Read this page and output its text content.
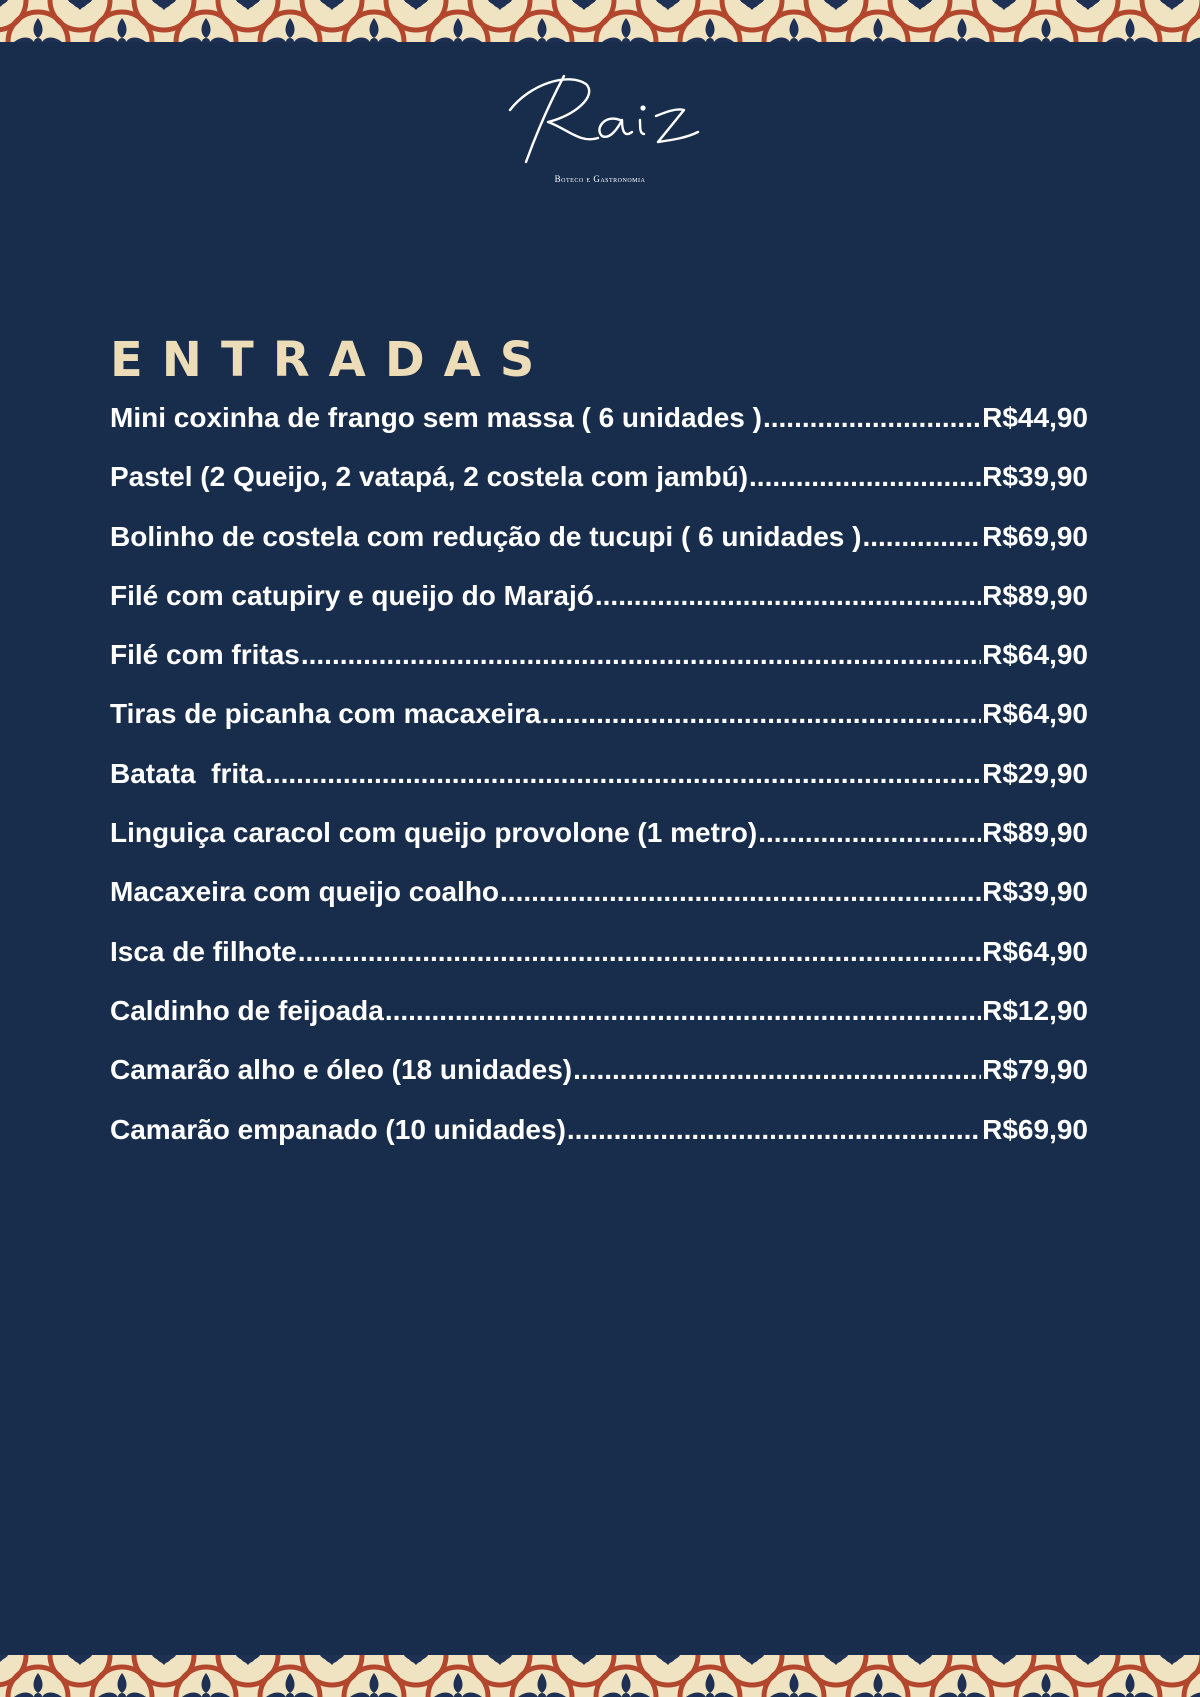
Boteco e Gastronomia
ENTRADAS
Mini coxinha de frango sem massa ( 6 unidades ) .....	R$44,90
Pastel (2 Queijo, 2 vatapá, 2 costela com jambú) .....	R$39,90
Bolinho de costela com redução de tucupi ( 6 unidades ) .....	R$69,90
Filé com catupiry e queijo do Marajó .....	R$89,90
Filé com fritas .....	R$64,90
Tiras de picanha com macaxeira .....	R$64,90
Batata  frita .....	R$29,90
Linguiça caracol com queijo provolone (1 metro) .....	R$89,90
Macaxeira com queijo coalho .....	R$39,90
Isca de filhote .....	R$64,90
Caldinho de feijoada .....	R$12,90
Camarão alho e óleo (18 unidades) .....	R$79,90
Camarão empanado (10 unidades) .....	R$69,90
